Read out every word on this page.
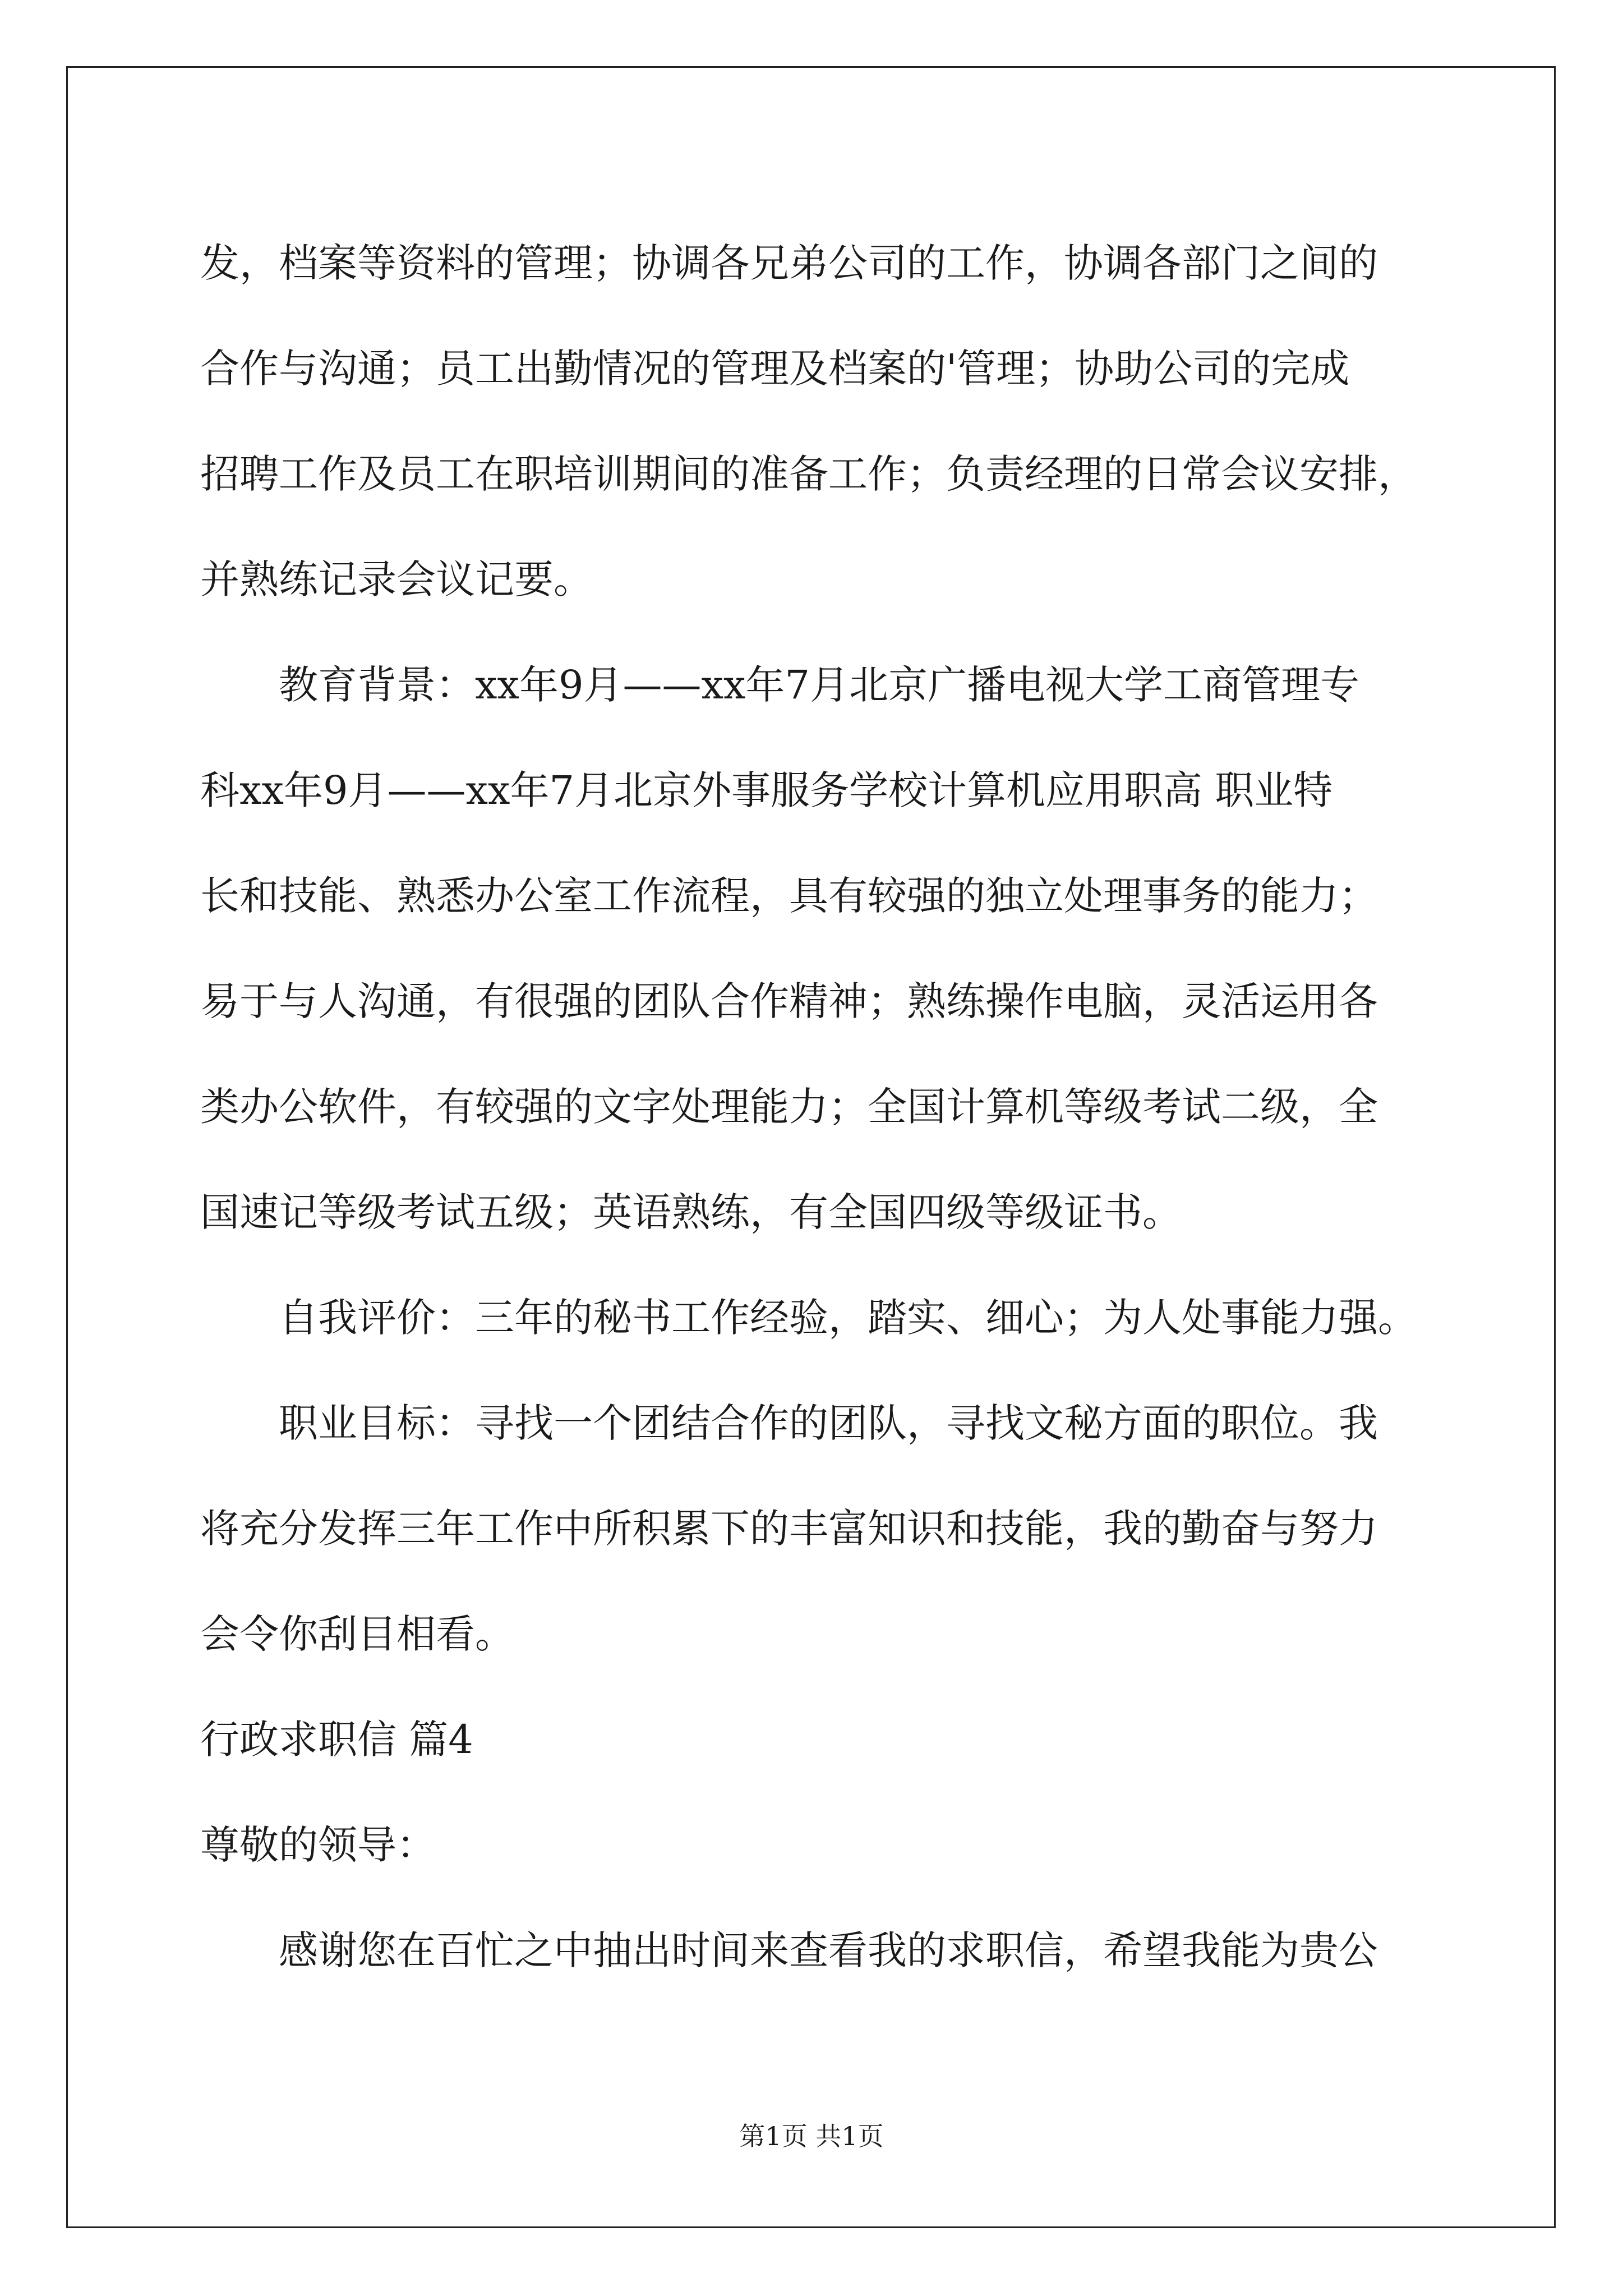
发，档案等资料的管理；协调各兄弟公司的工作，协调各部门之间的
合作与沟通；员工出勤情况的管理及档案的'管理；协助公司的完成
招聘工作及员工在职培训期间的准备工作；负责经理的日常会议安排，
并熟练记录会议记要。
教育背景：xx年9月——xx年7月北京广播电视大学工商管理专
科xx年9月——xx年7月北京外事服务学校计算机应用职高 职业特
长和技能、熟悉办公室工作流程，具有较强的独立处理事务的能力；
易于与人沟通，有很强的团队合作精神；熟练操作电脑，灵活运用各
类办公软件，有较强的文字处理能力；全国计算机等级考试二级，全
国速记等级考试五级；英语熟练，有全国四级等级证书。
自我评价：三年的秘书工作经验，踏实、细心；为人处事能力强。
职业目标：寻找一个团结合作的团队，寻找文秘方面的职位。我
将充分发挥三年工作中所积累下的丰富知识和技能，我的勤奋与努力
会令你刮目相看。
行政求职信 篇4
尊敬的领导：
感谢您在百忙之中抽出时间来查看我的求职信，希望我能为贵公
第1页 共1页
